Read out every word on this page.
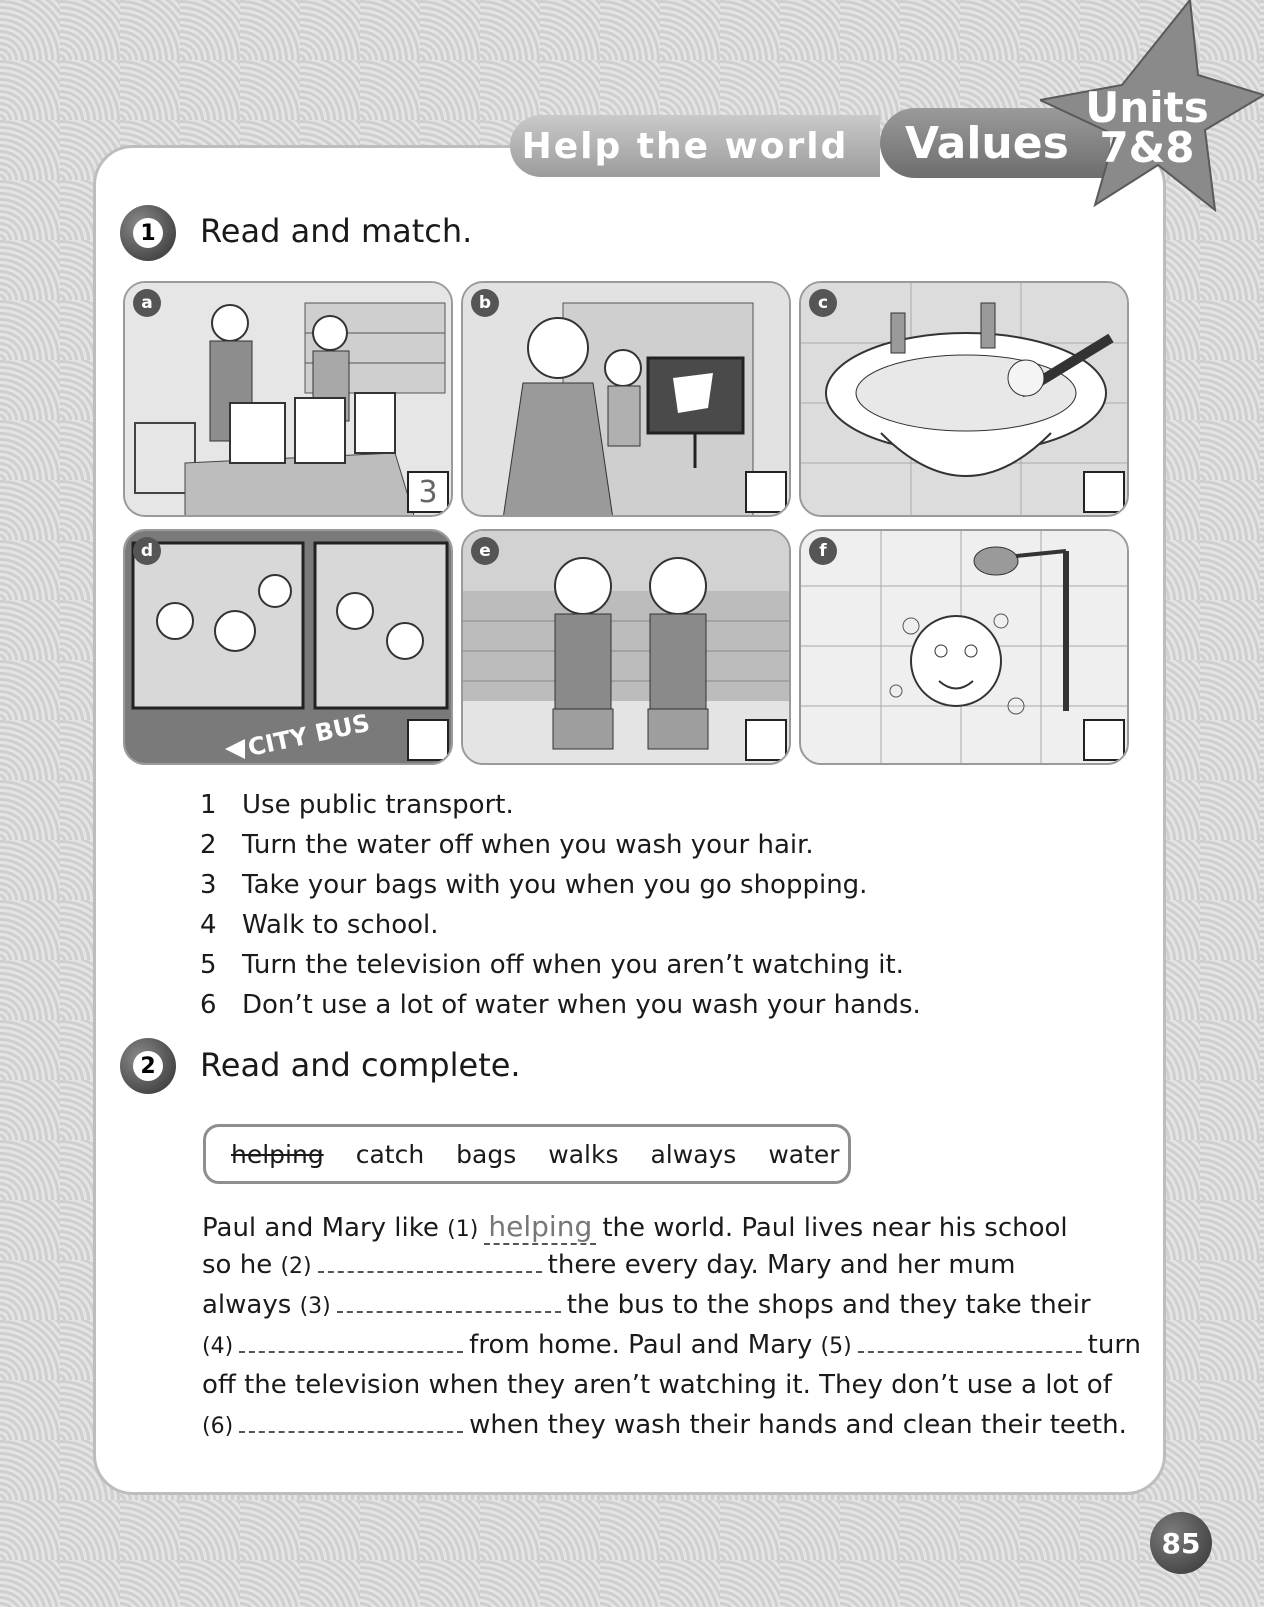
Help the world	Values
Units
7&8
1 Read and match.
a
3
b	c
CITY BUS
d	e	f
1 Use public transport.
2 Turn the water off when you wash your hair.
3 Take your bags with you when you go shopping.
4 Walk to school.
5 Turn the television off when you aren’t watching it.
6 Don’t use a lot of water when you wash your hands.
2 Read and complete.
helping catch bags walks always water
Paul and Mary like (1) helping the world. Paul lives near his school
so he (2)	there every day. Mary and her mum
always (3)	the bus to the shops and they take their
(4)	from home. Paul and Mary (5)	turn
off the television when they aren’t watching it. They don’t use a lot of
(6)	when they wash their hands and clean their teeth.
85
